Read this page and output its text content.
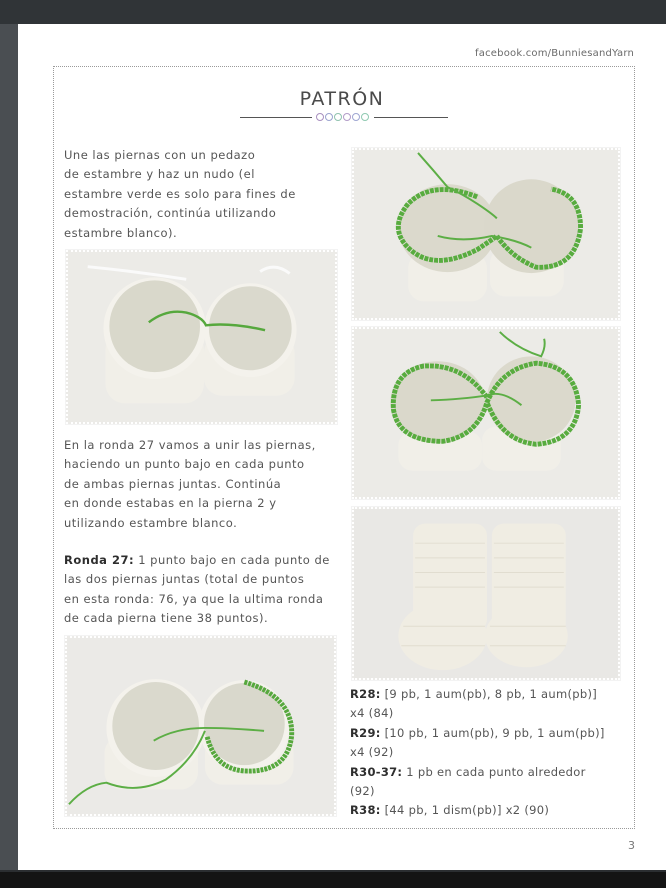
facebook.com/BunniesandYarn
PATRÓN
Une las piernas con un pedazo
de estambre y haz un nudo (el
estambre verde es solo para fines de
demostración, continúa utilizando
estambre blanco).
En la ronda 27 vamos a unir las piernas,
haciendo un punto bajo en cada punto
de ambas piernas juntas. Continúa
en donde estabas en la pierna 2 y
utilizando estambre blanco.
Ronda 27: 1 punto bajo en cada punto de
las dos piernas juntas (total de puntos
en esta ronda: 76, ya que la ultima ronda
de cada pierna tiene 38 puntos).
R28: [9 pb, 1 aum(pb), 8 pb, 1 aum(pb)]
x4 (84)
R29: [10 pb, 1 aum(pb), 9 pb, 1 aum(pb)]
x4 (92)
R30-37: 1 pb en cada punto alrededor
(92)
R38: [44 pb, 1 dism(pb)] x2 (90)
3
